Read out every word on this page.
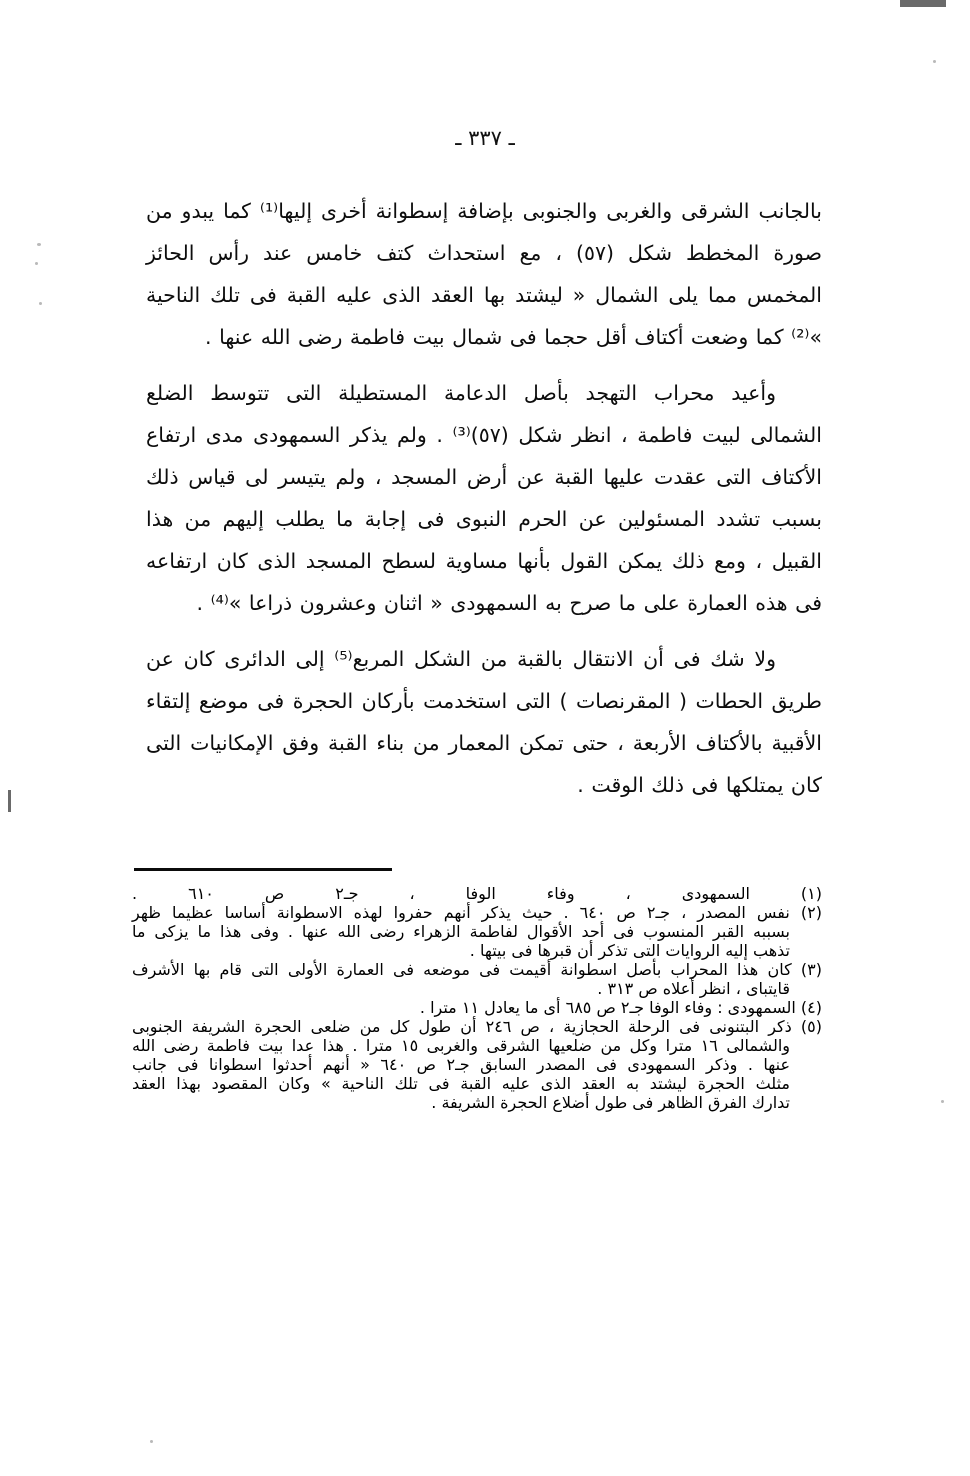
ـ ٣٣٧ ـ

بالجانب الشرقى والغربى والجنوبى بإضافة إسطوانة أخرى إليها⁽¹⁾ كما يبدو من صورة المخطط شكل (٥٧) ، مع استحداث كتف خامس عند رأس الحائز المخمس مما يلى الشمال « ليشتد بها العقد الذى عليه القبة فى تلك الناحية »⁽²⁾ كما وضعت أكتاف أقل حجما فى شمال بيت فاطمة رضى الله عنها .

وأعيد محراب التهجد بأصل الدعامة المستطيلة التى تتوسط الضلع الشمالى لبيت فاطمة ، انظر شكل (٥٧)⁽³⁾ . ولم يذكر السمهودى مدى ارتفاع الأكتاف التى عقدت عليها القبة عن أرض المسجد ، ولم يتيسر لى قياس ذلك بسبب تشدد المسئولين عن الحرم النبوى فى إجابة ما يطلب إليهم من هذا القبيل ، ومع ذلك يمكن القول بأنها مساوية لسطح المسجد الذى كان ارتفاعه فى هذه العمارة على ما صرح به السمهودى « اثنان وعشرون ذراعا »⁽⁴⁾ .

ولا شك فى أن الانتقال بالقبة من الشكل المربع⁽⁵⁾ إلى الدائرى كان عن طريق الحطات ( المقرنصات ) التى استخدمت بأركان الحجرة فى موضع إلتقاء الأقبية بالأكتاف الأربعة ، حتى تمكن المعمار من بناء القبة وفق الإمكانيات التى كان يمتلكها فى ذلك الوقت .

(١) السمهودى ، وفاء الوفا ، جـ٢ ص ٦١٠ .
(٢) نفس المصدر ، جـ٢ ص ٦٤٠ . حيث يذكر أنهم حفروا لهذه الاسطوانة أساسا عظيما ظهر
بسببه القبر المنسوب فى أحد الأقوال لفاطمة الزهراء رضى الله عنها . وفى هذا ما يزكى ما
تذهب إليه الروايات التى تذكر أن قبرها فى بيتها .
(٣) كان هذا المحراب بأصل اسطوانة أقيمت فى موضعه فى العمارة الأولى التى قام بها الأشرف
قايتباى ، انظر أعلاه ص ٣١٣ .
(٤) السمهودى : وفاء الوفا جـ٢ ص ٦٨٥ أى ما يعادل ١١ مترا .
(٥) ذكر البتنونى فى الرحلة الحجازية ، ص ٢٤٦ أن طول كل من ضلعى الحجرة الشريفة الجنوبى
والشمالى ١٦ مترا وكل من ضلعيها الشرقى والغربى ١٥ مترا . هذا عدا بيت فاطمة رضى الله
عنها . وذكر السمهودى فى المصدر السابق جـ٢ ص ٦٤٠ « أنهم أحدثوا اسطوانا فى جانب
مثلث الحجرة ليشتد به العقد الذى عليه القبة فى تلك الناحية » وكان المقصود بهذا العقد
تدارك الفرق الظاهر فى طول أضلاع الحجرة الشريفة .
